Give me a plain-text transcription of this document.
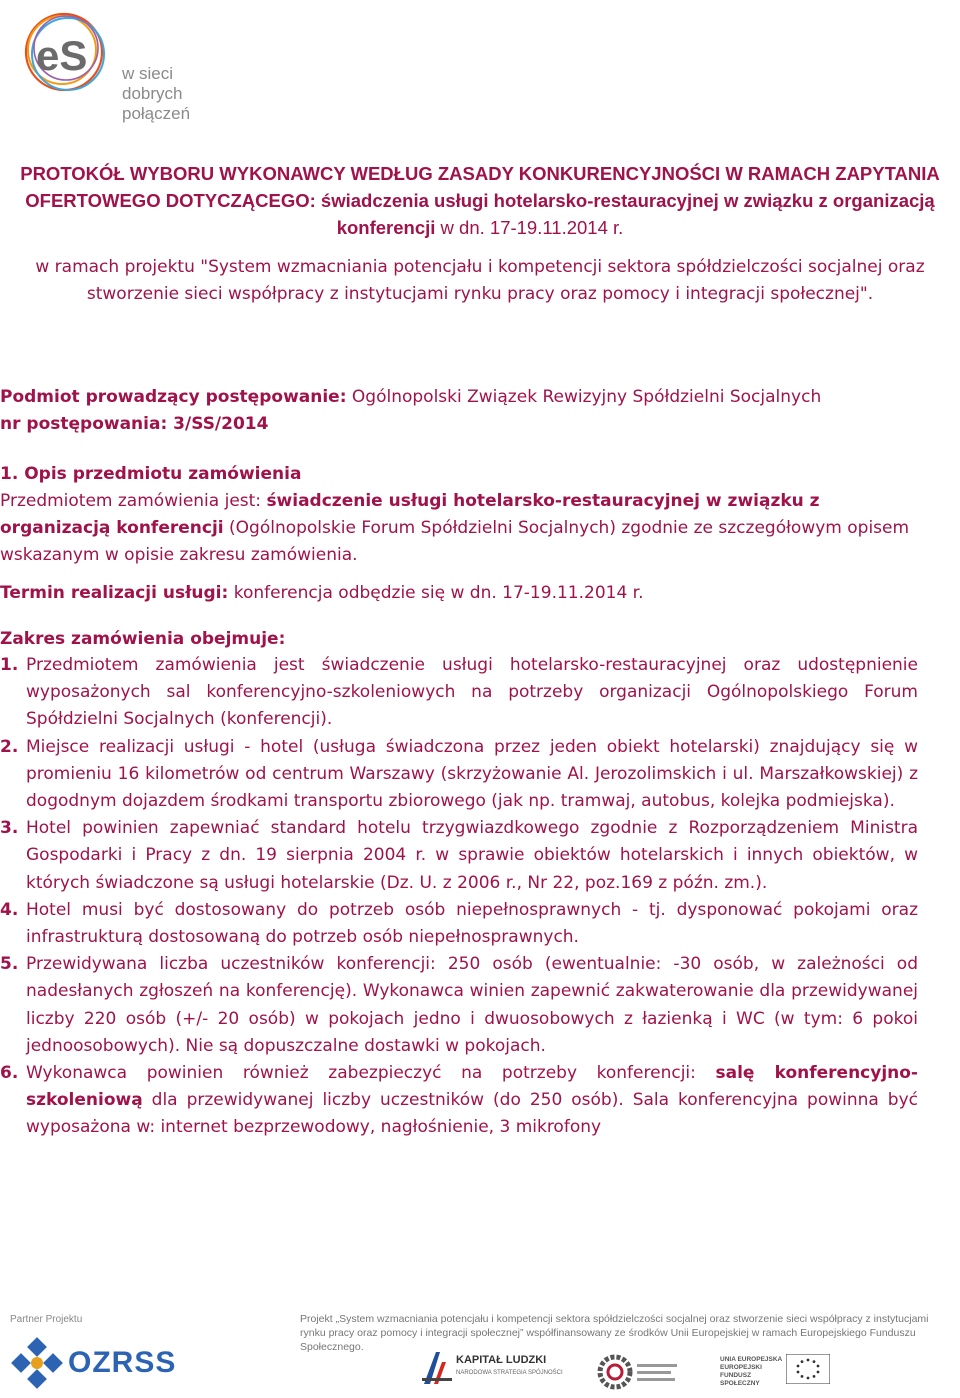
eS w sieci
dobrych połączeń
PROTOKÓŁ WYBORU WYKONAWCY WEDŁUG ZASADY KONKURENCYJNOŚCI W RAMACH ZAPYTANIA OFERTOWEGO DOTYCZĄCEGO: świadczenia usługi hotelarsko-restauracyjnej w związku z organizacją konferencji w dn. 17-19.11.2014 r.
w ramach projektu "System wzmacniania potencjału i kompetencji sektora spółdzielczości socjalnej oraz stworzenie sieci współpracy z instytucjami rynku pracy oraz pomocy i integracji społecznej".
Podmiot prowadzący postępowanie: Ogólnopolski Związek Rewizyjny Spółdzielni Socjalnych
nr postępowania: 3/SS/2014
1. Opis przedmiotu zamówienia
Przedmiotem zamówienia jest: świadczenie usługi hotelarsko-restauracyjnej w związku z organizacją konferencji (Ogólnopolskie Forum Spółdzielni Socjalnych) zgodnie ze szczegółowym opisem wskazanym w opisie zakresu zamówienia.
Termin realizacji usługi: konferencja odbędzie się w dn. 17-19.11.2014 r.
Zakres zamówienia obejmuje:
1. Przedmiotem zamówienia jest świadczenie usługi hotelarsko-restauracyjnej oraz udostępnienie wyposażonych sal konferencyjno-szkoleniowych na potrzeby organizacji Ogólnopolskiego Forum Spółdzielni Socjalnych (konferencji).
2. Miejsce realizacji usługi - hotel (usługa świadczona przez jeden obiekt hotelarski) znajdujący się w promieniu 16 kilometrów od centrum Warszawy (skrzyżowanie Al. Jerozolimskich i ul. Marszałkowskiej) z dogodnym dojazdem środkami transportu zbiorowego (jak np. tramwaj, autobus, kolejka podmiejska).
3. Hotel powinien zapewniać standard hotelu trzygwiazdkowego zgodnie z Rozporządzeniem Ministra Gospodarki i Pracy z dn. 19 sierpnia 2004 r. w sprawie obiektów hotelarskich i innych obiektów, w których świadczone są usługi hotelarskie (Dz. U. z 2006 r., Nr 22, poz.169 z późn. zm.).
4. Hotel musi być dostosowany do potrzeb osób niepełnosprawnych - tj. dysponować pokojami oraz infrastrukturą dostosowaną do potrzeb osób niepełnosprawnych.
5. Przewidywana liczba uczestników konferencji: 250 osób (ewentualnie: -30 osób, w zależności od nadesłanych zgłoszeń na konferencję). Wykonawca winien zapewnić zakwaterowanie dla przewidywanej liczby 220 osób (+/- 20 osób) w pokojach jedno i dwuosobowych z łazienką i WC (w tym: 6 pokoi jednoosobowych). Nie są dopuszczalne dostawki w pokojach.
6. Wykonawca powinien również zabezpieczyć na potrzeby konferencji: salę konferencyjno-szkoleniową dla przewidywanej liczby uczestników (do 250 osób). Sala konferencyjna powinna być wyposażona w: internet bezprzewodowy, nagłośnienie, 3 mikrofony
Partner Projektu	Projekt „System wzmacniania potencjału i kompetencji sektora spółdzielczości socjalnej oraz stworzenie sieci współpracy z instytucjami rynku pracy oraz pomocy i integracji społecznej” współfinansowany ze środków Unii Europejskiej w ramach Europejskiego Funduszu Społecznego.
OZRSS	KAPITAŁ LUDZKI
NARODOWA STRATEGIA SPÓJNOŚCI
UNIA EUROPEJSKA EUROPEJSKI FUNDUSZ SPOŁECZNY
